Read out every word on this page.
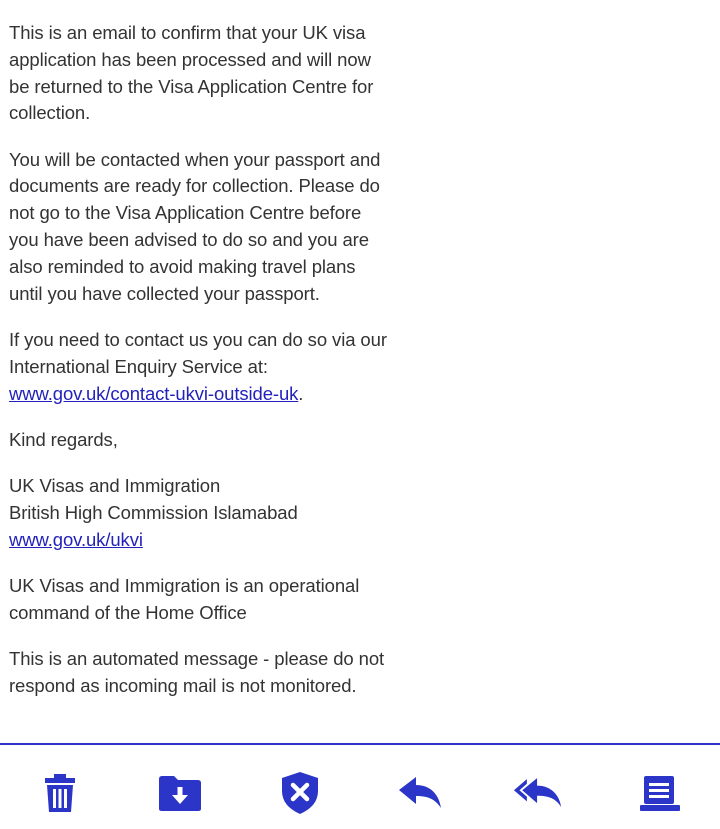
This is an email to confirm that your UK visa application has been processed and will now be returned to the Visa Application Centre for collection.

You will be contacted when your passport and documents are ready for collection. Please do not go to the Visa Application Centre before you have been advised to do so and you are also reminded to avoid making travel plans until you have collected your passport.

If you need to contact us you can do so via our International Enquiry Service at:
www.gov.uk/contact-ukvi-outside-uk.

Kind regards,

UK Visas and Immigration
British High Commission Islamabad
www.gov.uk/ukvi

UK Visas and Immigration is an operational command of the Home Office

This is an automated message - please do not respond as incoming mail is not monitored.
